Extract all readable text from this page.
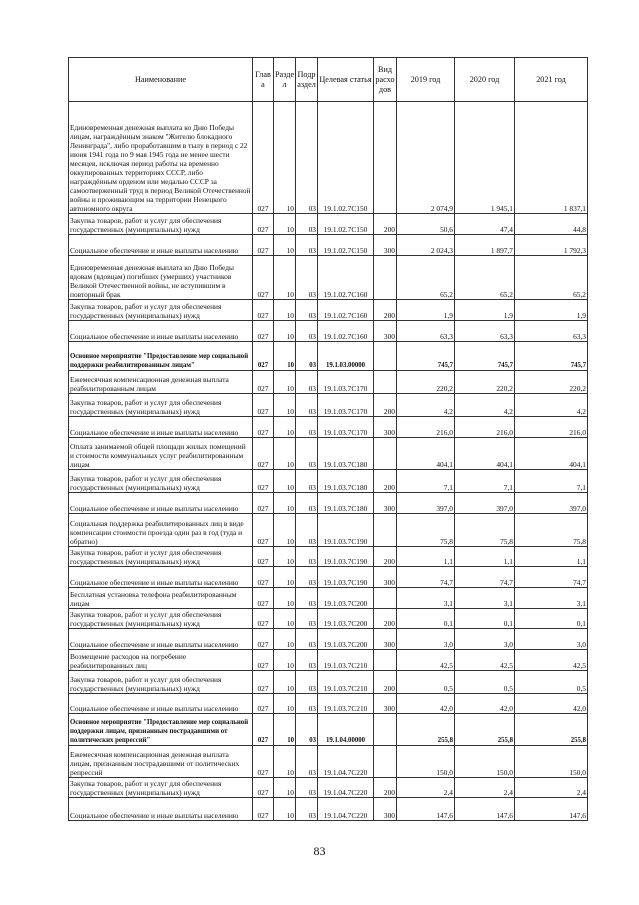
Наименование	Глав а	Разде л	Подр аздел	Целевая статья	Вид расхо дов	2019 год	2020 год	2021 год
Единовременная денежная выплата ко Дню Победы лицам, награждённым знаком "Жителю блокадного Ленинграда", либо проработавшим в тылу в период с 22 июня 1941 года по 9 мая 1945 года не менее шести месяцев, исключая период работы на временно оккупированных территориях СССР, либо награждённым орденом или медалью СССР за самоотверженный труд в период Великой Отечественной войны и проживающим на территории Ненецкого автономного округа	027	10	03	19.1.02.7С150		2 074,9	1 945,1	1 837,1
Закупка товаров, работ и услуг для обеспечения государственных (муниципальных) нужд	027	10	03	19.1.02.7С150	200	50,6	47,4	44,8
Социальное обеспечение и иные выплаты населению	027	10	03	19.1.02.7С150	300	2 024,3	1 897,7	1 792,3
Единовременная денежная выплата ко Дню Победы вдовам (вдовцам) погибших (умерших) участников Великой Отечественной войны, не вступившим в повторный брак	027	10	03	19.1.02.7С160		65,2	65,2	65,2
Закупка товаров, работ и услуг для обеспечения государственных (муниципальных) нужд	027	10	03	19.1.02.7С160	200	1,9	1,9	1,9
Социальное обеспечение и иные выплаты населению	027	10	03	19.1.02.7С160	300	63,3	63,3	63,3
Основное мероприятие "Предоставление мер социальной поддержки реабилитированным лицам"	027	10	03	19.1.03.00000		745,7	745,7	745,7
Ежемесячная компенсационная денежная выплата реабилитированным лицам	027	10	03	19.1.03.7С170		220,2	220,2	220,2
Закупка товаров, работ и услуг для обеспечения государственных (муниципальных) нужд	027	10	03	19.1.03.7С170	200	4,2	4,2	4,2
Социальное обеспечение и иные выплаты населению	027	10	03	19.1.03.7С170	300	216,0	216,0	216,0
Оплата занимаемой общей площади жилых помещений и стоимости коммунальных услуг реабилитированным лицам	027	10	03	19.1.03.7С180		404,1	404,1	404,1
Закупка товаров, работ и услуг для обеспечения государственных (муниципальных) нужд	027	10	03	19.1.03.7С180	200	7,1	7,1	7,1
Социальное обеспечение и иные выплаты населению	027	10	03	19.1.03.7С180	300	397,0	397,0	397,0
Социальная поддержка реабилитированных лиц в виде компенсации стоимости проезда один раз в год (туда и обратно)	027	10	03	19.1.03.7С190		75,8	75,8	75,8
Закупка товаров, работ и услуг для обеспечения государственных (муниципальных) нужд	027	10	03	19.1.03.7С190	200	1,1	1,1	1,1
Социальное обеспечение и иные выплаты населению	027	10	03	19.1.03.7С190	300	74,7	74,7	74,7
Бесплатная установка телефона реабилитированным лицам	027	10	03	19.1.03.7С200		3,1	3,1	3,1
Закупка товаров, работ и услуг для обеспечения государственных (муниципальных) нужд	027	10	03	19.1.03.7С200	200	0,1	0,1	0,1
Социальное обеспечение и иные выплаты населению	027	10	03	19.1.03.7С200	300	3,0	3,0	3,0
Возмещение расходов на погребение реабилитированных лиц	027	10	03	19.1.03.7С210		42,5	42,5	42,5
Закупка товаров, работ и услуг для обеспечения государственных (муниципальных) нужд	027	10	03	19.1.03.7С210	200	0,5	0,5	0,5
Социальное обеспечение и иные выплаты населению	027	10	03	19.1.03.7С210	300	42,0	42,0	42,0
Основное мероприятие "Предоставление мер социальной поддержки лицам, признанным пострадавшими от политических репрессий"	027	10	03	19.1.04.00000		255,8	255,8	255,8
Ежемесячная компенсационная денежная выплата лицам, признанным пострадавшими от политических репрессий	027	10	03	19.1.04.7С220		150,0	150,0	150,0
Закупка товаров, работ и услуг для обеспечения государственных (муниципальных) нужд	027	10	03	19.1.04.7С220	200	2,4	2,4	2,4
Социальное обеспечение и иные выплаты населению	027	10	03	19.1.04.7С220	300	147,6	147,6	147,6
83
